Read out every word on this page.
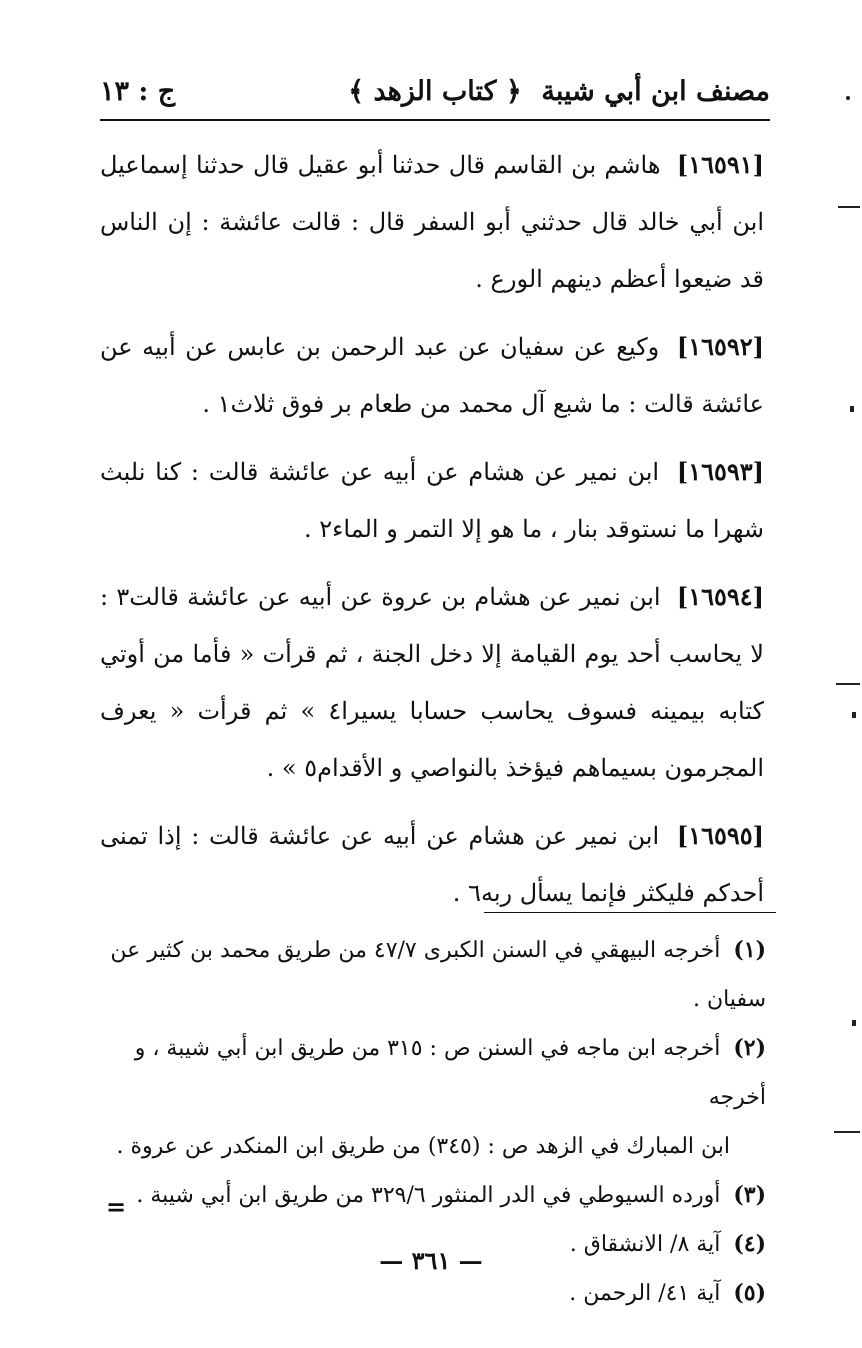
مصنف ابن أبي شيبة
﴿ كتاب الزهد ﴾
ج : ١٣

[١٦٥٩١] هاشم بن القاسم قال حدثنا أبو عقيل قال حدثنا إسماعيل ابن أبي خالد قال حدثني أبو السفر قال : قالت عائشة : إن الناس قد ضيعوا أعظم دينهم الورع .

[١٦٥٩٢] وكيع عن سفيان عن عبد الرحمن بن عابس عن أبيه عن عائشة قالت : ما شبع آل محمد من طعام بر فوق ثلاث١ .

[١٦٥٩٣] ابن نمير عن هشام عن أبيه عن عائشة قالت : كنا نلبث شهرا ما نستوقد بنار ، ما هو إلا التمر و الماء٢ .

[١٦٥٩٤] ابن نمير عن هشام بن عروة عن أبيه عن عائشة قالت٣ : لا يحاسب أحد يوم القيامة إلا دخل الجنة ، ثم قرأت « فأما من أوتي كتابه بيمينه فسوف يحاسب حسابا يسيرا٤ » ثم قرأت « يعرف المجرمون بسيماهم فيؤخذ بالنواصي و الأقدام٥ » .

[١٦٥٩٥] ابن نمير عن هشام عن أبيه عن عائشة قالت : إذا تمنى أحدكم فليكثر فإنما يسأل ربه٦ .

(١) أخرجه البيهقي في السنن الكبرى ٤٧/٧ من طريق محمد بن كثير عن سفيان .

(٢) أخرجه ابن ماجه في السنن ص : ٣١٥ من طريق ابن أبي شيبة ، و أخرجه
ابن المبارك في الزهد ص : (٣٤٥) من طريق ابن المنكدر عن عروة .

(٣) أورده السيوطي في الدر المنثور ٣٢٩/٦ من طريق ابن أبي شيبة .

(٤) آية ٨/ الانشقاق .

(٥) آية ٤١/ الرحمن .

=
— ٣٦١ —
